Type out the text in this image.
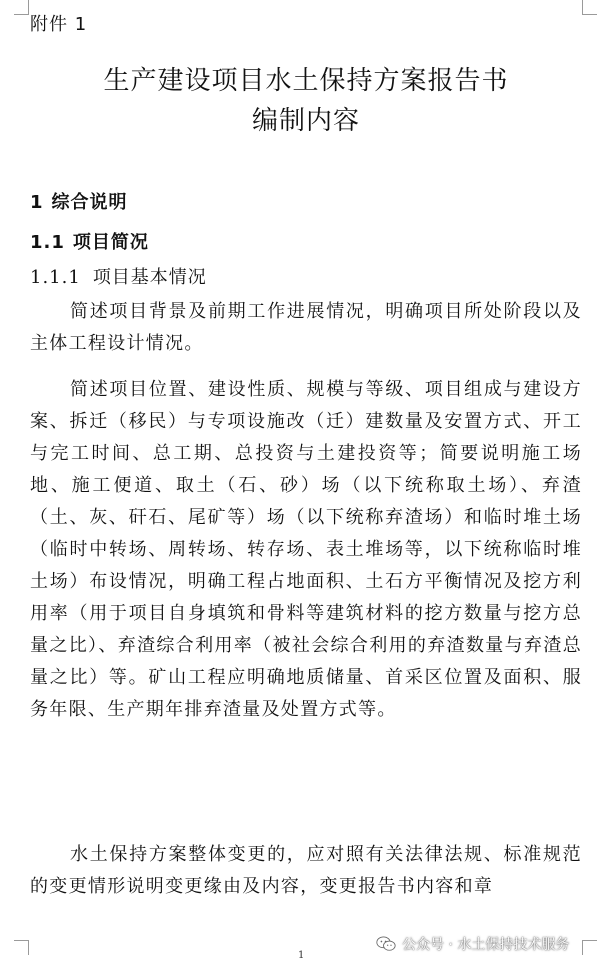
附件 1
生产建设项目水土保持方案报告书
编制内容
1 综合说明
1.1 项目简况
1.1.1 项目基本情况

简述项目背景及前期工作进展情况，明确项目所处阶段以及主体工程设计情况。

简述项目位置、建设性质、规模与等级、项目组成与建设方案、拆迁（移民）与专项设施改（迁）建数量及安置方式、开工与完工时间、总工期、总投资与土建投资等；简要说明施工场地、施工便道、取土（石、砂）场（以下统称取土场）、弃渣（土、灰、矸石、尾矿等）场（以下统称弃渣场）和临时堆土场（临时中转场、周转场、转存场、表土堆场等，以下统称临时堆土场）布设情况，明确工程占地面积、土石方平衡情况及挖方利用率（用于项目自身填筑和骨料等建筑材料的挖方数量与挖方总量之比）、弃渣综合利用率（被社会综合利用的弃渣数量与弃渣总量之比）等。矿山工程应明确地质储量、首采区位置及面积、服务年限、生产期年排弃渣量及处置方式等。

水土保持方案整体变更的，应对照有关法律法规、标准规范的变更情形说明变更缘由及内容，变更报告书内容和章

1
公众号 · 水土保持技术服务
